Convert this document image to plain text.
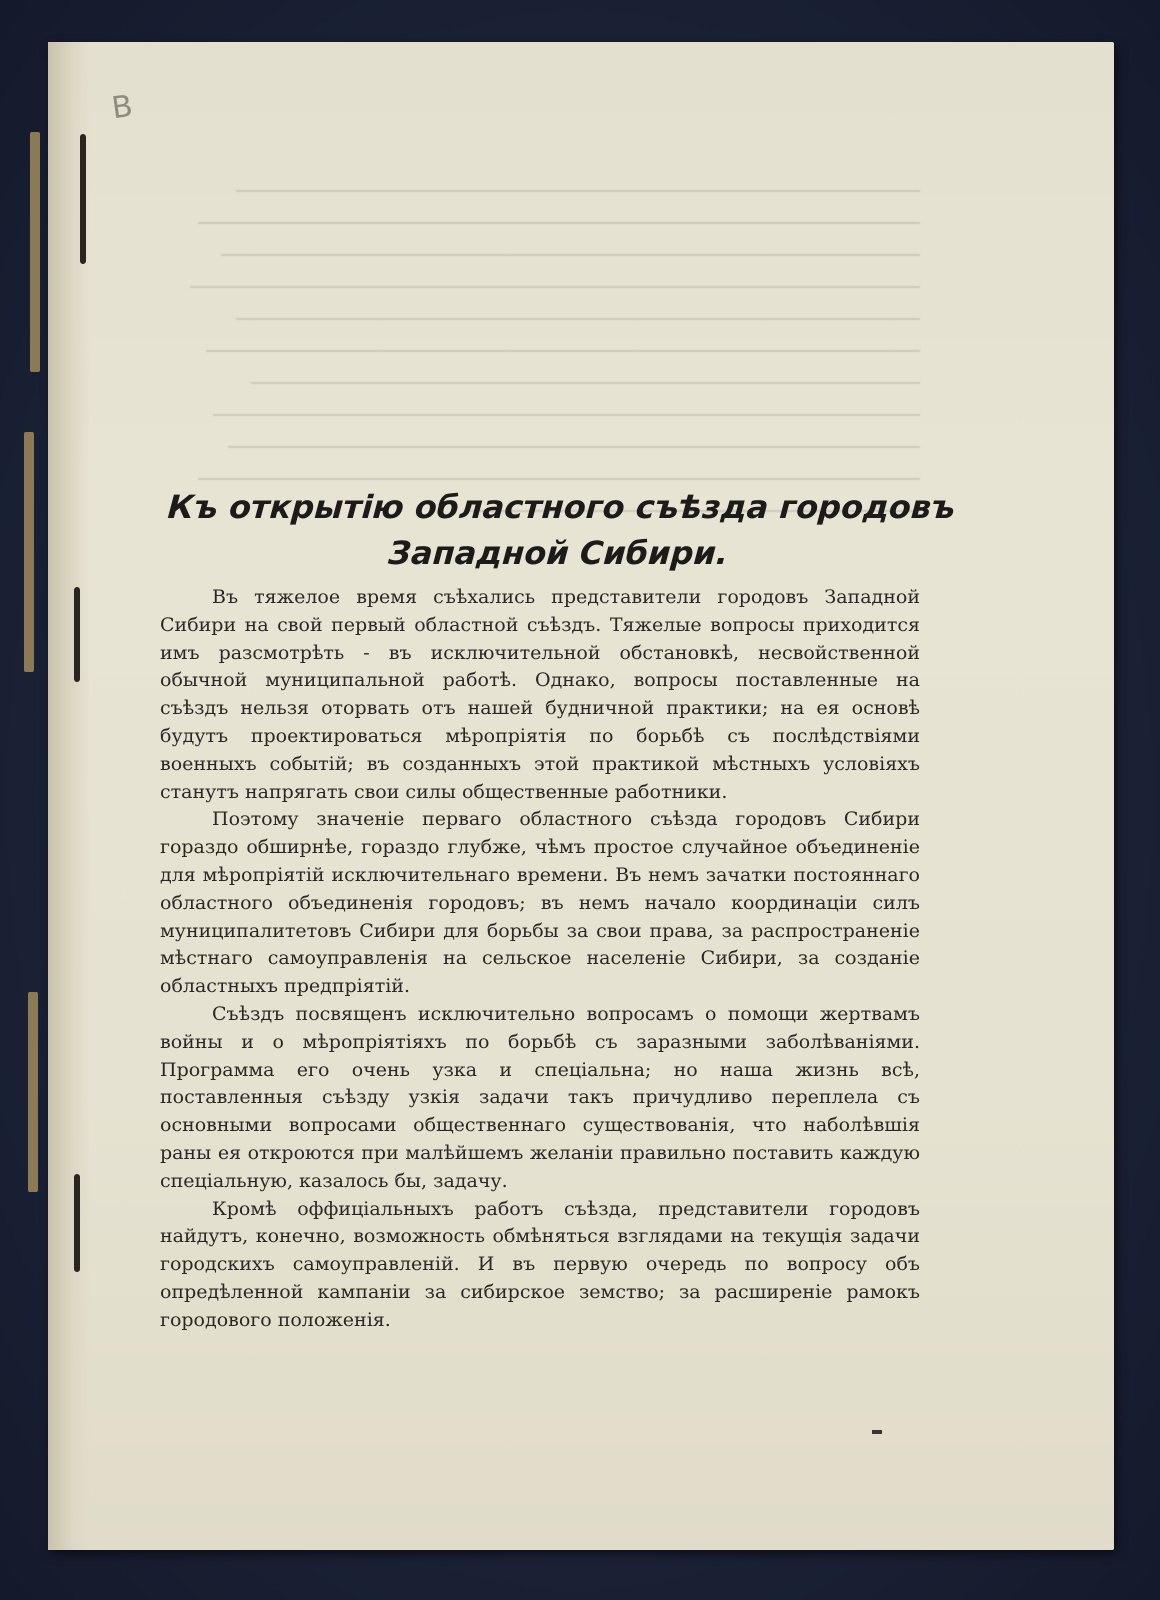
B
Къ открытію областного съѣзда городовъ
Западной Сибири.

Въ тяжелое время съѣхались представители городовъ Западной Сибири на свой первый областной съѣздъ. Тяжелые вопросы приходится имъ разсмотрѣть - въ исключительной обстановкѣ, несвойственной обычной муниципальной работѣ. Однако, вопросы поставленные на съѣздъ нельзя оторвать отъ нашей будничной практики; на ея основѣ будутъ проектироваться мѣропріятія по борьбѣ съ послѣдствіями военныхъ событій; въ созданныхъ этой практикой мѣстныхъ условіяхъ станутъ напрягать свои силы общественные работники.

Поэтому значеніе перваго областного съѣзда городовъ Сибири гораздо обширнѣе, гораздо глубже, чѣмъ простое случайное объединеніе для мѣропріятій исключительнаго времени. Въ немъ зачатки постояннаго областного объединенія городовъ; въ немъ начало координаціи силъ муниципалитетовъ Сибири для борьбы за свои права, за распространеніе мѣстнаго самоуправленія на сельское населеніе Сибири, за созданіе областныхъ предпріятій.

Съѣздъ посвященъ исключительно вопросамъ о помощи жертвамъ войны и о мѣропріятіяхъ по борьбѣ съ заразными заболѣваніями. Программа его очень узка и спеціальна; но наша жизнь всѣ, поставленныя съѣзду узкія задачи такъ причудливо переплела съ основными вопросами общественнаго существованія, что наболѣвшія раны ея откроются при малѣйшемъ желаніи правильно поставить каждую спеціальную, казалось бы, задачу.

Кромѣ оффиціальныхъ работъ съѣзда, представители городовъ найдутъ, конечно, возможность обмѣняться взглядами на текущія задачи городскихъ самоуправленій. И въ первую очередь по вопросу объ опредѣленной кампаніи за сибирское земство; за расширеніе рамокъ городового положенія.
